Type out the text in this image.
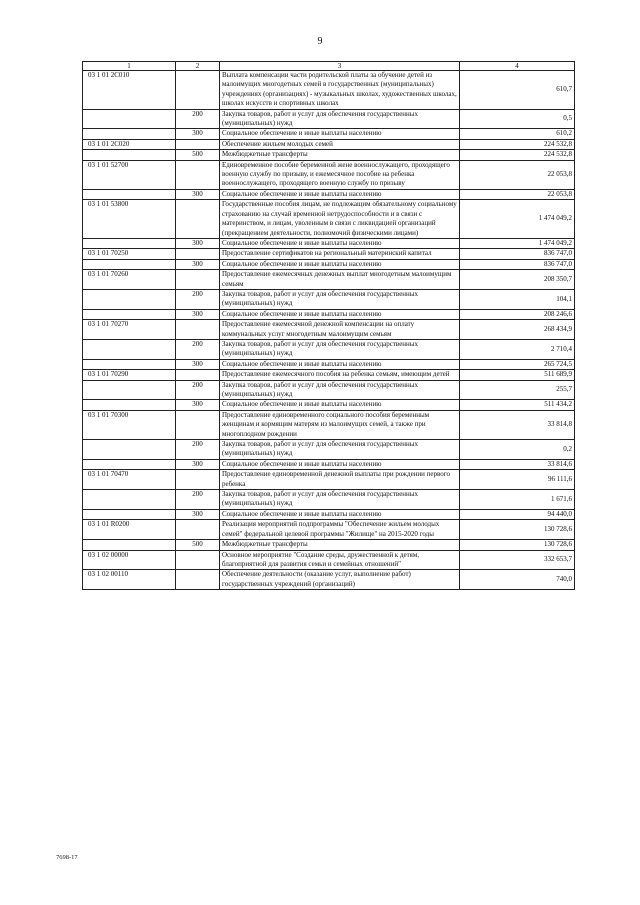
9
1	2	3	4
03 1 01 2С010		Выплата компенсации части родительской платы за обучение детей из малоимущих многодетных семей в государственных (муниципальных) учреждениях (организациях) - музыкальных школах, художественных школах, школах искусств и спортивных школах	610,7
	200	Закупка товаров, работ и услуг для обеспечения государственных (муниципальных) нужд	0,5
	300	Социальное обеспечение и иные выплаты населению	610,2
03 1 01 2С020		Обеспечение жильем молодых семей	224 532,8
	500	Межбюджетные трансферты	224 532,8
03 1 01 52700		Единовременное пособие беременной жене военнослужащего, проходящего военную службу по призыву, и ежемесячное пособие на ребенка военнослужащего, проходящего военную службу по призыву	22 053,8
	300	Социальное обеспечение и иные выплаты населению	22 053,8
03 1 01 53800		Государственные пособия лицам, не подлежащим обязательному социальному страхованию на случай временной нетрудоспособности и в связи с материнством, и лицам, уволенным в связи с ликвидацией организаций (прекращением деятельности, полномочий физическими лицами)	1 474 049,2
	300	Социальное обеспечение и иные выплаты населению	1 474 049,2
03 1 01 70250		Предоставление сертификатов на региональный материнский капитал	836 747,0
	300	Социальное обеспечение и иные выплаты населению	836 747,0
03 1 01 70260		Предоставление ежемесячных денежных выплат многодетным малоимущим семьям	208 350,7
	200	Закупка товаров, работ и услуг для обеспечения государственных (муниципальных) нужд	104,1
	300	Социальное обеспечение и иные выплаты населению	208 246,6
03 1 01 70270		Предоставление ежемесячной денежной компенсации на оплату коммунальных услуг многодетным малоимущим семьям	268 434,9
	200	Закупка товаров, работ и услуг для обеспечения государственных (муниципальных) нужд	2 710,4
	300	Социальное обеспечение и иные выплаты населению	265 724,5
03 1 01 70290		Предоставление ежемесячного пособия на ребенка семьям, имеющим детей	511 689,9
	200	Закупка товаров, работ и услуг для обеспечения государственных (муниципальных) нужд	255,7
	300	Социальное обеспечение и иные выплаты населению	511 434,2
03 1 01 70300		Предоставление единовременного социального пособия беременным женщинам и кормящим матерям из малоимущих семей, а также при многоплодном рождении	33 814,8
	200	Закупка товаров, работ и услуг для обеспечения государственных (муниципальных) нужд	0,2
	300	Социальное обеспечение и иные выплаты населению	33 814,6
03 1 01 70470		Предоставление единовременной денежной выплаты при рождении первого ребенка	96 111,6
	200	Закупка товаров, работ и услуг для обеспечения государственных (муниципальных) нужд	1 671,6
	300	Социальное обеспечение и иные выплаты населению	94 440,0
03 1 01 R0200		Реализация мероприятий подпрограммы "Обеспечение жильем молодых семей" федеральной целевой программы "Жилище" на 2015-2020 годы	130 728,6
	500	Межбюджетные трансферты	130 728,6
03 1 02 00000		Основное мероприятие "Создание среды, дружественной к детям, благоприятной для развития семьи и семейных отношений"	332 653,7
03 1 02 00110		Обеспечение деятельности (оказание услуг, выполнение работ) государственных учреждений (организаций)	740,0
7698-17
